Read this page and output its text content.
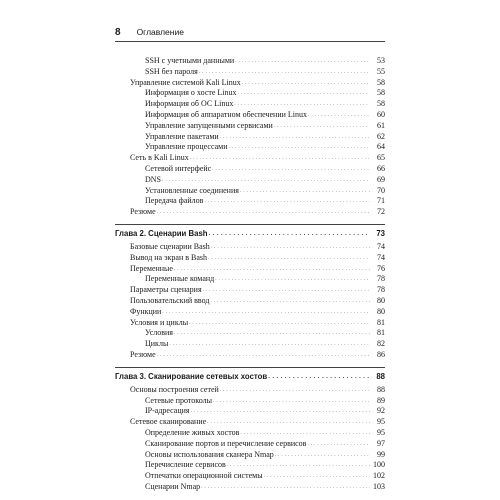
8 Оглавление
SSH с учетными данными . . .	53
SSH без пароля . . .	55
Управление системой Kali Linux . . .	58
Информация о хосте Linux . . .	58
Информация об ОС Linux . . .	58
Информация об аппаратном обеспечении Linux . . .	60
Управление запущенными сервисами . . .	61
Управление пакетами . . .	62
Управление процессами . . .	64
Сеть в Kali Linux . . .	65
Сетевой интерфейс . . .	66
DNS . . .	69
Установленные соединения . . .	70
Передача файлов . . .	71
Резюме . . .	72
Глава 2. Сценарии Bash . . .	73
Базовые сценарии Bash . . .	74
Вывод на экран в Bash . . .	74
Переменные . . .	76
Переменные команд . . .	78
Параметры сценария . . .	78
Пользовательский ввод . . .	80
Функции . . .	80
Условия и циклы . . .	81
Условия . . .	81
Циклы . . .	82
Резюме . . .	86
Глава 3. Сканирование сетевых хостов . . .	88
Основы построения сетей . . .	88
Сетевые протоколы . . .	89
IP-адресация . . .	92
Сетевое сканирование . . .	95
Определение живых хостов . . .	95
Сканирование портов и перечисление сервисов . . .	97
Основы использования сканера Nmap . . .	99
Перечисление сервисов . . .	100
Отпечатки операционной системы . . .	102
Сценарии Nmap . . .	103
